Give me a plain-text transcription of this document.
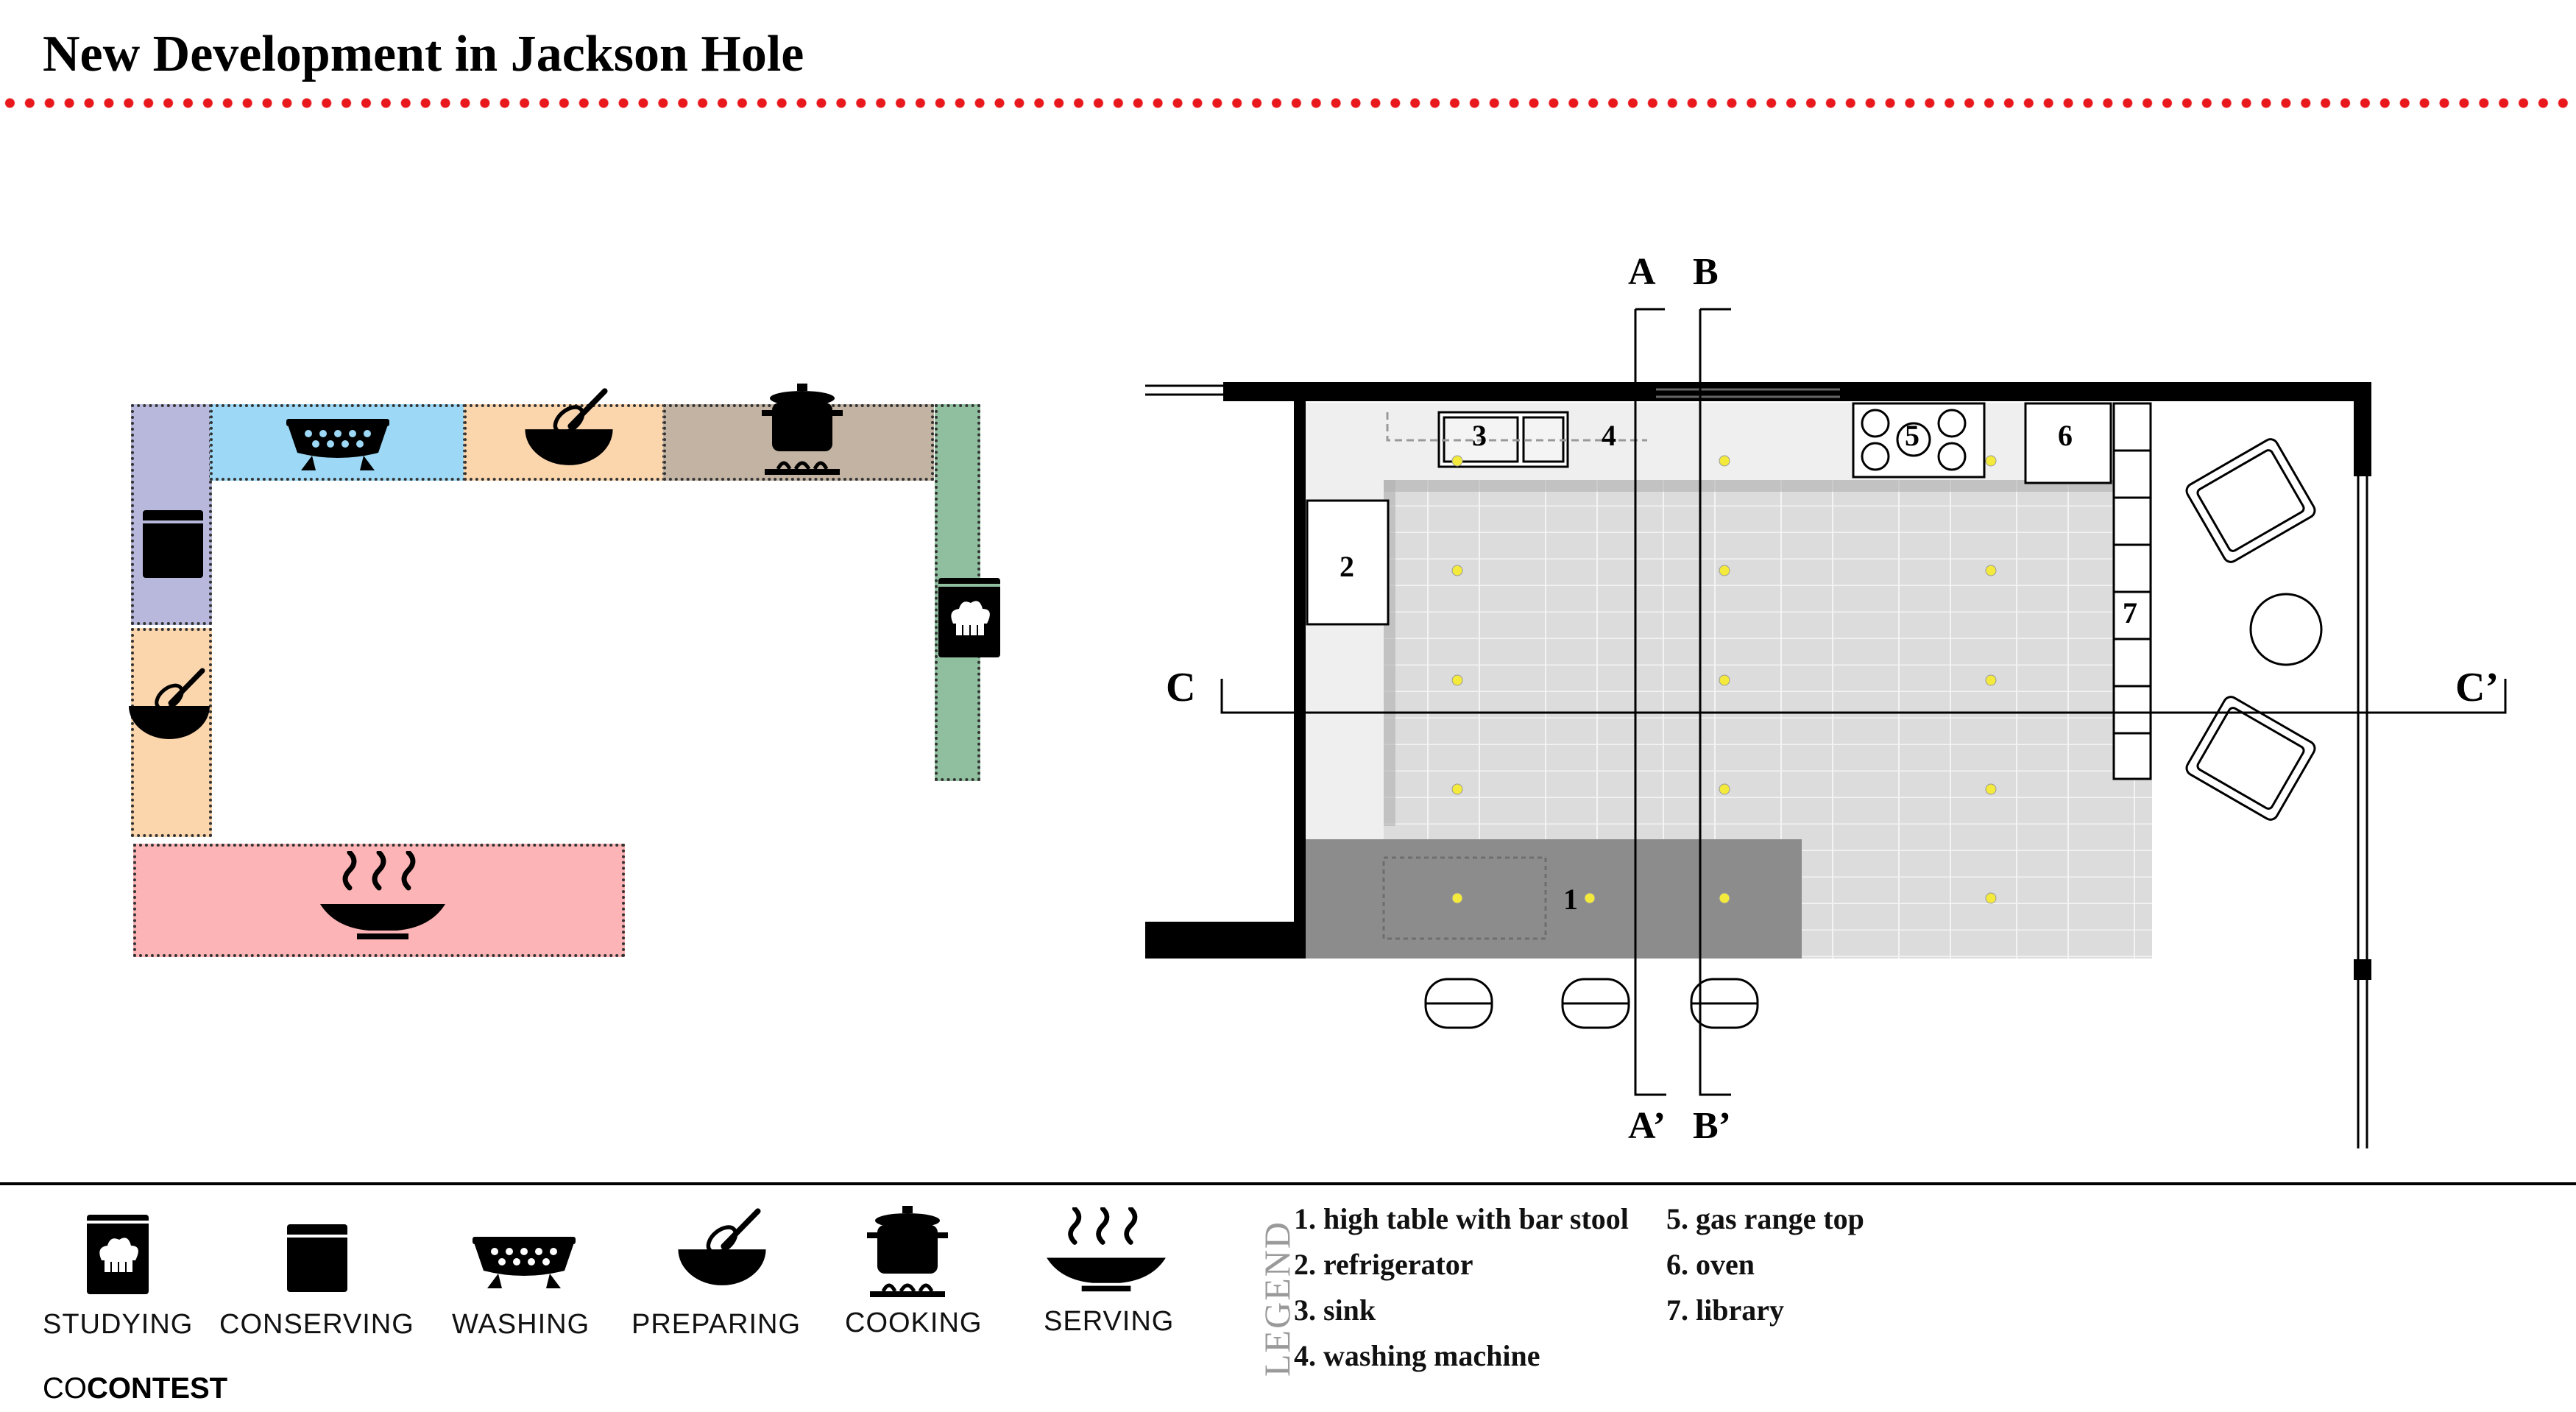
New Development in Jackson Hole
A B
A’ B’
C	C’
1
2
3	4	5	6
7
STUDYING CONSERVING WASHING PREPARING COOKING SERVING
COCONTEST
LEGEND
1. high table with bar stool
2. refrigerator
3. sink
4. washing machine
5. gas range top
6. oven
7. library
